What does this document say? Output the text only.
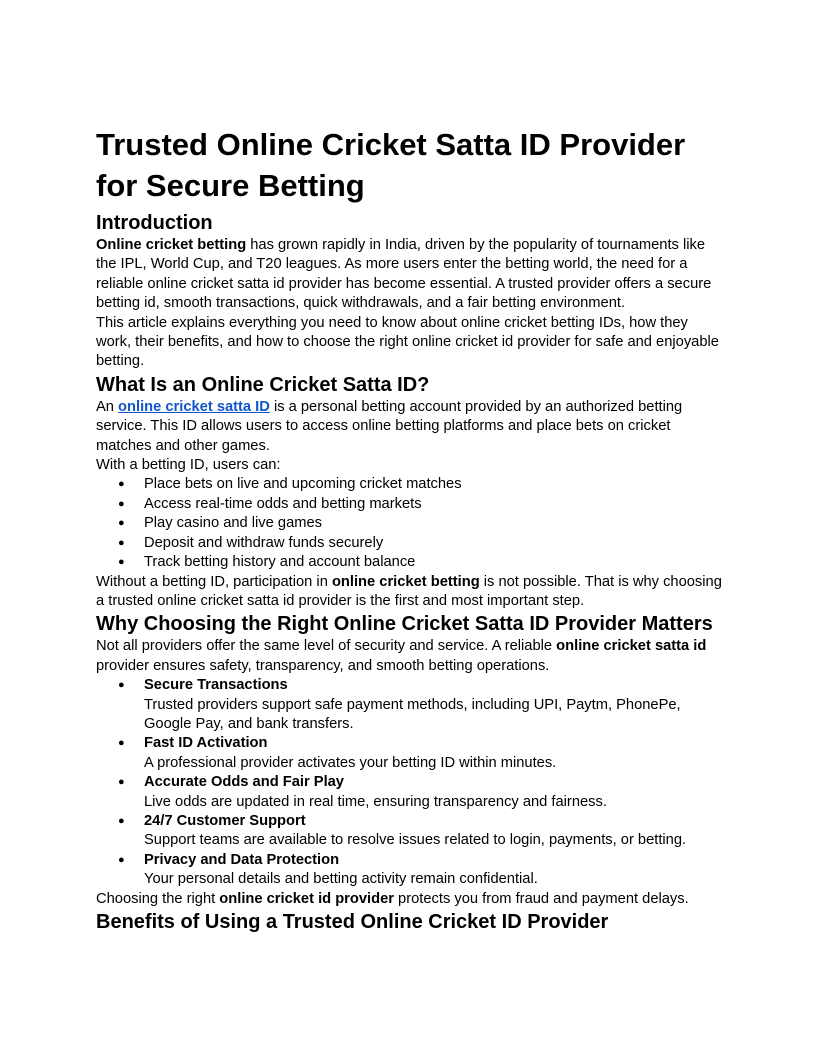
Trusted Online Cricket Satta ID Provider for Secure Betting
Introduction

Online cricket betting has grown rapidly in India, driven by the popularity of tournaments like the IPL, World Cup, and T20 leagues. As more users enter the betting world, the need for a reliable online cricket satta id provider has become essential. A trusted provider offers a secure betting id, smooth transactions, quick withdrawals, and a fair betting environment.

This article explains everything you need to know about online cricket betting IDs, how they work, their benefits, and how to choose the right online cricket id provider for safe and enjoyable betting.

What Is an Online Cricket Satta ID?

An online cricket satta ID is a personal betting account provided by an authorized betting service. This ID allows users to access online betting platforms and place bets on cricket matches and other games.

With a betting ID, users can:

● Place bets on live and upcoming cricket matches
● Access real-time odds and betting markets
● Play casino and live games
● Deposit and withdraw funds securely
● Track betting history and account balance

Without a betting ID, participation in online cricket betting is not possible. That is why choosing a trusted online cricket satta id provider is the first and most important step.

Why Choosing the Right Online Cricket Satta ID Provider Matters

Not all providers offer the same level of security and service. A reliable online cricket satta id provider ensures safety, transparency, and smooth betting operations.

● Secure Transactions
Trusted providers support safe payment methods, including UPI, Paytm, PhonePe, Google Pay, and bank transfers.
● Fast ID Activation
A professional provider activates your betting ID within minutes.
● Accurate Odds and Fair Play
Live odds are updated in real time, ensuring transparency and fairness.
● 24/7 Customer Support
Support teams are available to resolve issues related to login, payments, or betting.
● Privacy and Data Protection
Your personal details and betting activity remain confidential.

Choosing the right online cricket id provider protects you from fraud and payment delays.

Benefits of Using a Trusted Online Cricket ID Provider
